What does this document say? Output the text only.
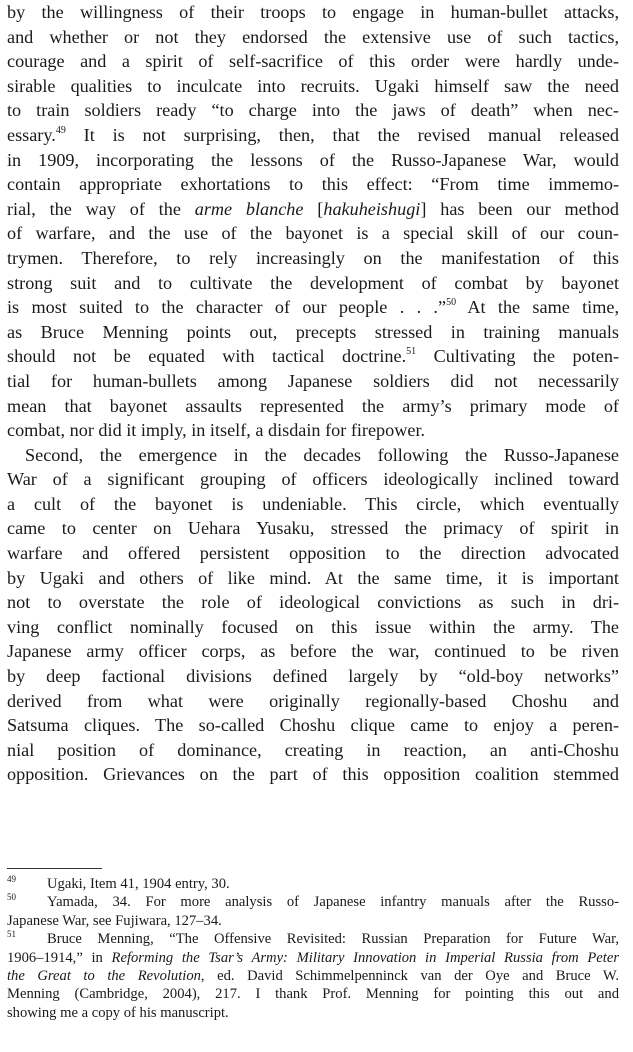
by the willingness of their troops to engage in human-bullet attacks,
and whether or not they endorsed the extensive use of such tactics,
courage and a spirit of self-sacrifice of this order were hardly unde-
sirable qualities to inculcate into recruits. Ugaki himself saw the need
to train soldiers ready “to charge into the jaws of death” when nec-
essary.$^{49}$ It is not surprising, then, that the revised manual released
in 1909, incorporating the lessons of the Russo-Japanese War, would
contain appropriate exhortations to this effect: “From time immemo-
rial, the way of the arme blanche [hakuheishugi] has been our method
of warfare, and the use of the bayonet is a special skill of our coun-
trymen. Therefore, to rely increasingly on the manifestation of this
strong suit and to cultivate the development of combat by bayonet
is most suited to the character of our people . . .”$^{50}$ At the same time,
as Bruce Menning points out, precepts stressed in training manuals
should not be equated with tactical doctrine.$^{51}$ Cultivating the poten-
tial for human-bullets among Japanese soldiers did not necessarily
mean that bayonet assaults represented the army’s primary mode of
combat, nor did it imply, in itself, a disdain for firepower.
Second, the emergence in the decades following the Russo-Japanese
War of a significant grouping of officers ideologically inclined toward
a cult of the bayonet is undeniable. This circle, which eventually
came to center on Uehara Yusaku, stressed the primacy of spirit in
warfare and offered persistent opposition to the direction advocated
by Ugaki and others of like mind. At the same time, it is important
not to overstate the role of ideological convictions as such in dri-
ving conflict nominally focused on this issue within the army. The
Japanese army officer corps, as before the war, continued to be riven
by deep factional divisions defined largely by “old-boy networks”
derived from what were originally regionally-based Choshu and
Satsuma cliques. The so-called Choshu clique came to enjoy a peren-
nial position of dominance, creating in reaction, an anti-Choshu
opposition. Grievances on the part of this opposition coalition stemmed
$^{49}$ Ugaki, Item 41, 1904 entry, 30.
$^{50}$ Yamada, 34. For more analysis of Japanese infantry manuals after the Russo-
Japanese War, see Fujiwara, 127–34.
$^{51}$ Bruce Menning, “The Offensive Revisited: Russian Preparation for Future War,
1906–1914,” in Reforming the Tsar’s Army: Military Innovation in Imperial Russia from Peter
the Great to the Revolution, ed. David Schimmelpenninck van der Oye and Bruce W.
Menning (Cambridge, 2004), 217. I thank Prof. Menning for pointing this out and
showing me a copy of his manuscript.
